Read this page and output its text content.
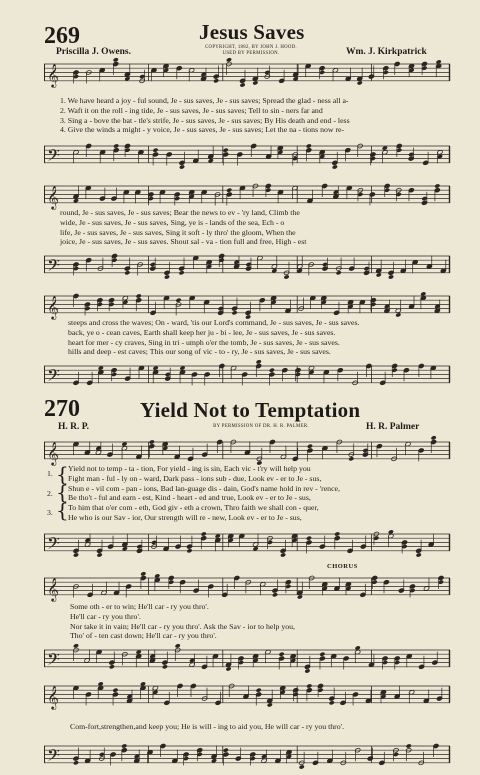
269	Jesus Saves
Priscilla J. Owens.	Wm. J. Kirkpatrick
COPYRIGHT, 1882, BY JOHN J. HOOD.
USED BY PERMISSION.
𝄞
1. We have heard a joy - ful sound, Je - sus saves, Je - sus saves; Spread the glad - ness all a-
2. Waft it on the roll - ing tide, Je - sus saves, Je - sus saves; Tell to sin - ners far and
3. Sing a - bove the bat - tle's strife, Je - sus saves, Je - sus saves; By His death and end - less
4. Give the winds a might - y voice, Je - sus saves, Je - sus saves; Let the na - tions now re-
𝄢
𝄞
round, Je - sus saves, Je - sus saves; Bear the news to ev - 'ry land, Climb the
wide, Je - sus saves, Je - sus saves, Sing, ye is - lands of the sea, Ech - o
life, Je - sus saves, Je - sus saves, Sing it soft - ly thro' the gloom, When the
joice, Je - sus saves, Je - sus saves. Shout sal - va - tion full and free, High - est
𝄢
𝄞
steeps and cross the waves; On - ward, 'tis our Lord's command, Je - sus saves, Je - sus saves.
back, ye o - cean caves, Earth shall keep her ju - bi - lee, Je - sus saves, Je - sus saves.
heart for mer - cy craves, Sing in tri - umph o'er the tomb, Je - sus saves, Je - sus saves.
hills and deep - est caves; This our song of vic - to - ry, Je - sus saves, Je - sus saves.
𝄢
270	Yield Not to Temptation
H. R. P.	BY PERMISSION OF DR. H. R. PALMER.	H. R. Palmer
𝄞
1.
2.
3.
{
{
{
Yield not to temp - ta - tion, For yield - ing is sin, Each vic - t'ry will help you
Fight man - ful - ly on - ward, Dark pass - ions sub - due, Look ev - er to Je - sus,
Shun e - vil com - pan - ions, Bad lan-guage dis - dain, God's name hold in rev - 'rence,
Be tho't - ful and earn - est, Kind - heart - ed and true, Look ev - er to Je - sus,
To him that o'er com - eth, God giv - eth a crown, Thro faith we shall con - quer,
He who is our Sav - ior, Our strength will re - new, Look ev - er to Je - sus,
𝄢
CHORUS
𝄞
Some oth - er to win; He'll car - ry you thro'.
He'll car - ry you thro'.
Nor take it in vain; He'll car - ry you thro'. Ask the Sav - ior to help you,
Tho' of - ten cast down; He'll car - ry you thro'.
𝄢
𝄞
Com-fort,strengthen,and keep you; He is will - ing to aid you, He will car - ry you thro'.
𝄢
